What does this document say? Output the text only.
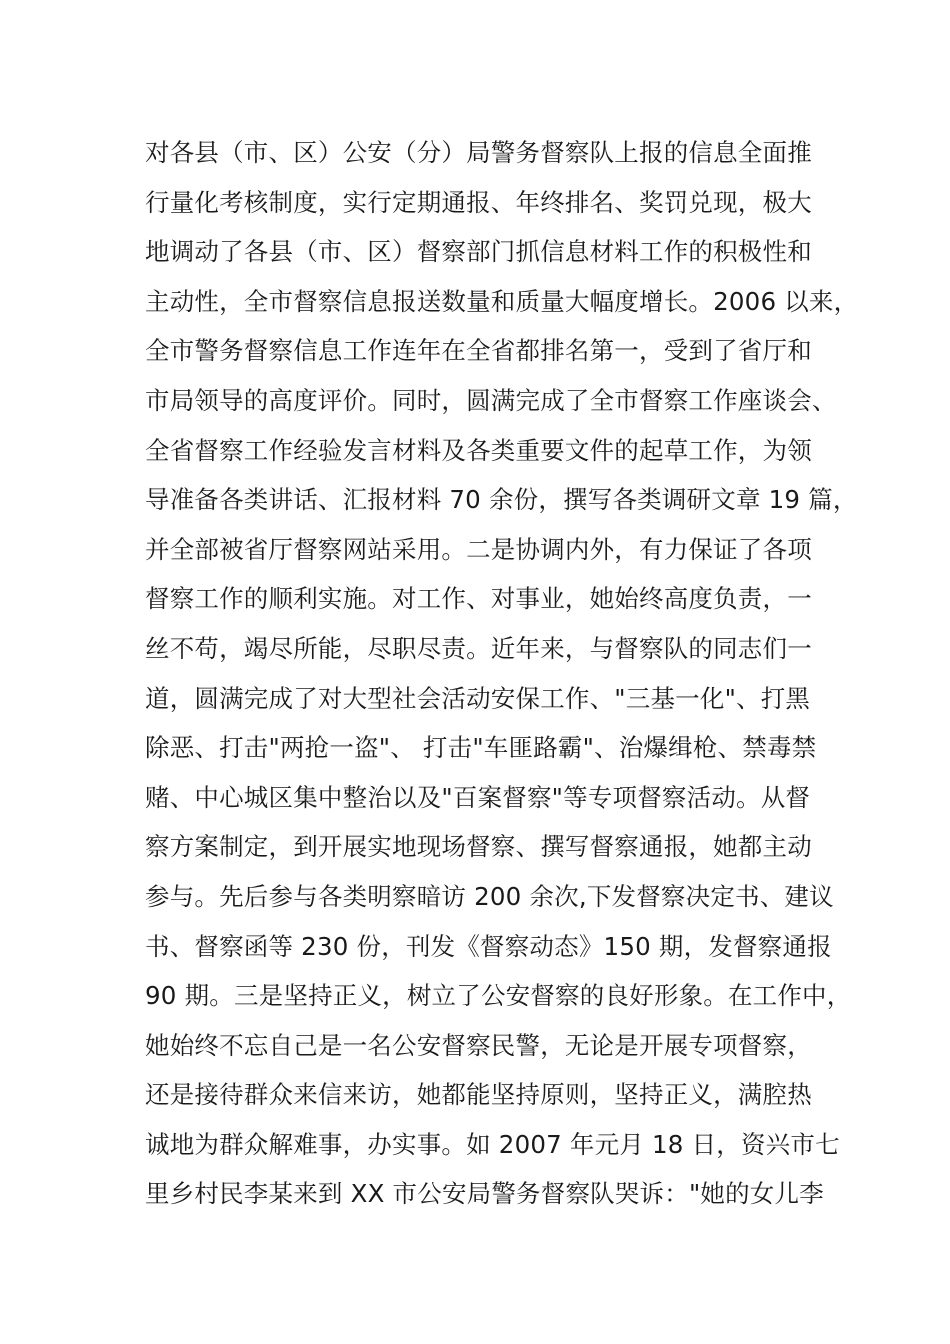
对各县（市、区）公安（分）局警务督察队上报的信息全面推
行量化考核制度，实行定期通报、年终排名、奖罚兑现，极大
地调动了各县（市、区）督察部门抓信息材料工作的积极性和
主动性，全市督察信息报送数量和质量大幅度增长。2006 以来，
全市警务督察信息工作连年在全省都排名第一，受到了省厅和
市局领导的高度评价。同时，圆满完成了全市督察工作座谈会、
全省督察工作经验发言材料及各类重要文件的起草工作，为领
导准备各类讲话、汇报材料 70 余份，撰写各类调研文章 19 篇，
并全部被省厅督察网站采用。二是协调内外，有力保证了各项
督察工作的顺利实施。对工作、对事业，她始终高度负责，一
丝不苟，竭尽所能，尽职尽责。近年来，与督察队的同志们一
道，圆满完成了对大型社会活动安保工作、"三基一化"、打黑
除恶、打击"两抢一盗"、 打击"车匪路霸"、治爆缉枪、禁毒禁
赌、中心城区集中整治以及"百案督察"等专项督察活动。从督
察方案制定，到开展实地现场督察、撰写督察通报，她都主动
参与。先后参与各类明察暗访 200 余次,下发督察决定书、建议
书、督察函等 230 份，刊发《督察动态》150 期，发督察通报
90 期。三是坚持正义，树立了公安督察的良好形象。在工作中，
她始终不忘自己是一名公安督察民警，无论是开展专项督察，
还是接待群众来信来访，她都能坚持原则，坚持正义，满腔热
诚地为群众解难事，办实事。如 2007 年元月 18 日，资兴市七
里乡村民李某来到 XX 市公安局警务督察队哭诉："她的女儿李
